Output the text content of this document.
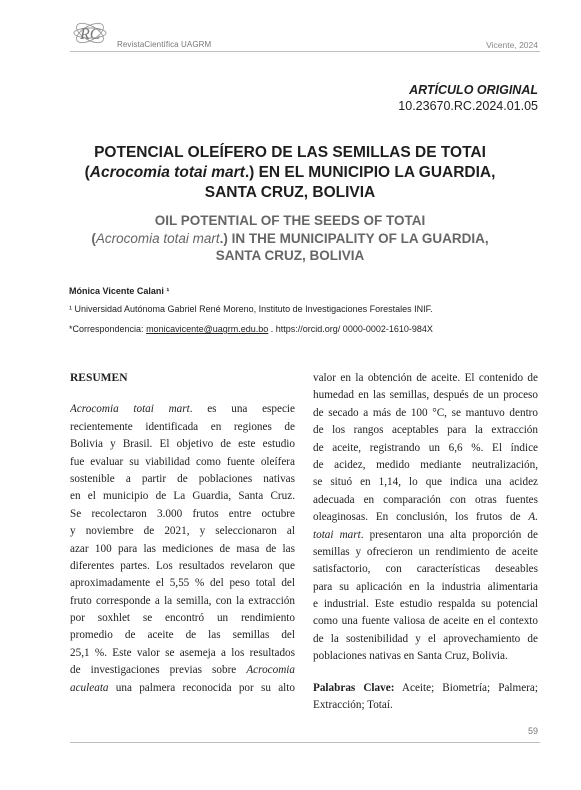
RC
RevistaCientífica UAGRM	Vicente, 2024
ARTÍCULO ORIGINAL
10.23670.RC.2024.01.05
POTENCIAL OLEÍFERO DE LAS SEMILLAS DE TOTAI
(Acrocomia totai mart.) EN EL MUNICIPIO LA GUARDIA,
SANTA CRUZ, BOLIVIA
OIL POTENTIAL OF THE SEEDS OF TOTAI
(Acrocomia totai mart.) IN THE MUNICIPALITY OF LA GUARDIA,
SANTA CRUZ, BOLIVIA
Mónica Vicente Calani ¹
¹ Universidad Autónoma Gabriel René Moreno, Instituto de Investigaciones Forestales INIF.
*Correspondencia: monicavicente@uagrm.edu.bo . https://orcid.org/ 0000-0002-1610-984X
RESUMEN
Acrocomia totai mart. es una especie
recientemente identificada en regiones de
Bolivia y Brasil. El objetivo de este estudio
fue evaluar su viabilidad como fuente oleífera
sostenible a partir de poblaciones nativas
en el municipio de La Guardia, Santa Cruz.
Se recolectaron 3.000 frutos entre octubre
y noviembre de 2021, y seleccionaron al
azar 100 para las mediciones de masa de las
diferentes partes. Los resultados revelaron que
aproximadamente el 5,55 % del peso total del
fruto corresponde a la semilla, con la extracción
por soxhlet se encontró un rendimiento
promedio de aceite de las semillas del
25,1 %. Este valor se asemeja a los resultados
de investigaciones previas sobre Acrocomia
aculeata una palmera reconocida por su alto
valor en la obtención de aceite. El contenido de
humedad en las semillas, después de un proceso
de secado a más de 100 °C, se mantuvo dentro
de los rangos aceptables para la extracción
de aceite, registrando un 6,6 %. El índice
de acidez, medido mediante neutralización,
se situó en 1,14, lo que indica una acidez
adecuada en comparación con otras fuentes
oleaginosas. En conclusión, los frutos de A.
totai mart. presentaron una alta proporción de
semillas y ofrecieron un rendimiento de aceite
satisfactorio, con características deseables
para su aplicación en la industria alimentaria
e industrial. Este estudio respalda su potencial
como una fuente valiosa de aceite en el contexto
de la sostenibilidad y el aprovechamiento de
poblaciones nativas en Santa Cruz, Bolivia.
Palabras Clave: Aceite; Biometría; Palmera;
Extracción; Totaí.
59
